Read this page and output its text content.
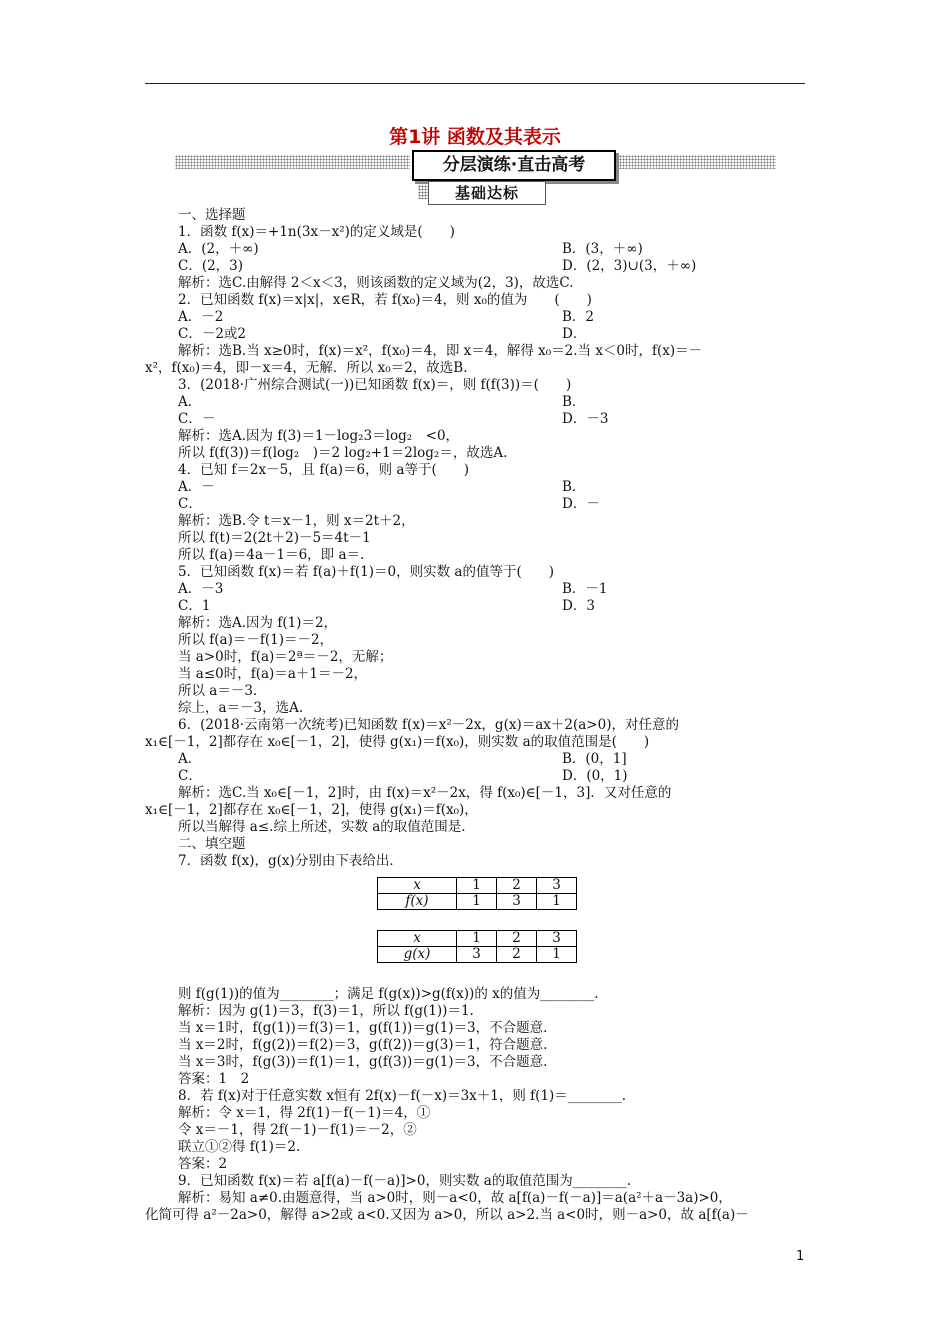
第1讲 函数及其表示
分层演练·直击高考
基础达标
一、选择题
1．函数 f(x)＝+1n(3x－x²)的定义域是(　　)
A．(2，＋∞)	B．(3，＋∞)
C．(2，3)	D．(2，3)∪(3，＋∞)
解析：选C.由解得 2＜x＜3，则该函数的定义域为(2，3)，故选C.
2．已知函数 f(x)＝x|x|，x∈R，若 f(x₀)＝4，则 x₀的值为　　(　　)
A．－2	B．2
C．－2或2	D．
解析：选B.当 x≥0时，f(x)＝x²，f(x₀)＝4，即 x＝4，解得 x₀＝2.当 x＜0时，f(x)＝－
x²，f(x₀)＝4，即－x＝4，无解．所以 x₀＝2，故选B.
3．(2018·广州综合测试(一))已知函数 f(x)＝，则 f(f(3))＝(　　)
A．	B．
C．－	D．－3
解析：选A.因为 f(3)＝1－log₂3＝log₂　<0，
所以 f(f(3))＝f(log₂　)＝2 log₂+1＝2log₂＝，故选A.
4．已知 f＝2x－5，且 f(a)＝6，则 a等于(　　)
A．－	B．
C．	D．－
解析：选B.令 t＝x－1，则 x＝2t＋2，
所以 f(t)＝2(2t＋2)－5＝4t－1
所以 f(a)＝4a－1＝6，即 a＝.
5．已知函数 f(x)＝若 f(a)＋f(1)＝0，则实数 a的值等于(　　)
A．－3	B．－1
C．1	D．3
解析：选A.因为 f(1)＝2，
所以 f(a)＝－f(1)＝－2，
当 a>0时，f(a)＝2ª＝－2，无解；
当 a≤0时，f(a)＝a＋1＝－2，
所以 a＝－3.
综上，a＝－3，选A.
6．(2018·云南第一次统考)已知函数 f(x)＝x²－2x，g(x)＝ax＋2(a>0)，对任意的
x₁∈[－1，2]都存在 x₀∈[－1，2]，使得 g(x₁)＝f(x₀)，则实数 a的取值范围是(　　)
A．	B．(0，1]
C．	D．(0，1)
解析：选C.当 x₀∈[－1，2]时，由 f(x)＝x²－2x，得 f(x₀)∈[－1，3]．又对任意的
x₁∈[－1，2]都存在 x₀∈[－1，2]，使得 g(x₁)＝f(x₀)，
所以当解得 a≤.综上所述，实数 a的取值范围是.
二、填空题
7．函数 f(x)，g(x)分别由下表给出．
x	1	2	3
f(x)	1	3	1
x	1	2	3
g(x)	3	2	1
则 f(g(1))的值为________；满足 f(g(x))>g(f(x))的 x的值为________.
解析：因为 g(1)＝3，f(3)＝1，所以 f(g(1))＝1.
当 x＝1时，f(g(1))＝f(3)＝1，g(f(1))＝g(1)＝3，不合题意.
当 x＝2时，f(g(2))＝f(2)＝3，g(f(2))＝g(3)＝1，符合题意.
当 x＝3时，f(g(3))＝f(1)＝1，g(f(3))＝g(1)＝3，不合题意.
答案：1　2
8．若 f(x)对于任意实数 x恒有 2f(x)－f(－x)＝3x＋1，则 f(1)＝________.
解析：令 x＝1，得 2f(1)－f(－1)＝4，①
令 x＝－1，得 2f(－1)－f(1)＝－2，②
联立①②得 f(1)＝2.
答案：2
9．已知函数 f(x)＝若 a[f(a)－f(－a)]>0，则实数 a的取值范围为________.
解析：易知 a≠0.由题意得，当 a>0时，则－a<0，故 a[f(a)－f(－a)]＝a(a²＋a－3a)>0，
化简可得 a²－2a>0，解得 a>2或 a<0.又因为 a>0，所以 a>2.当 a<0时，则－a>0，故 a[f(a)－
1
